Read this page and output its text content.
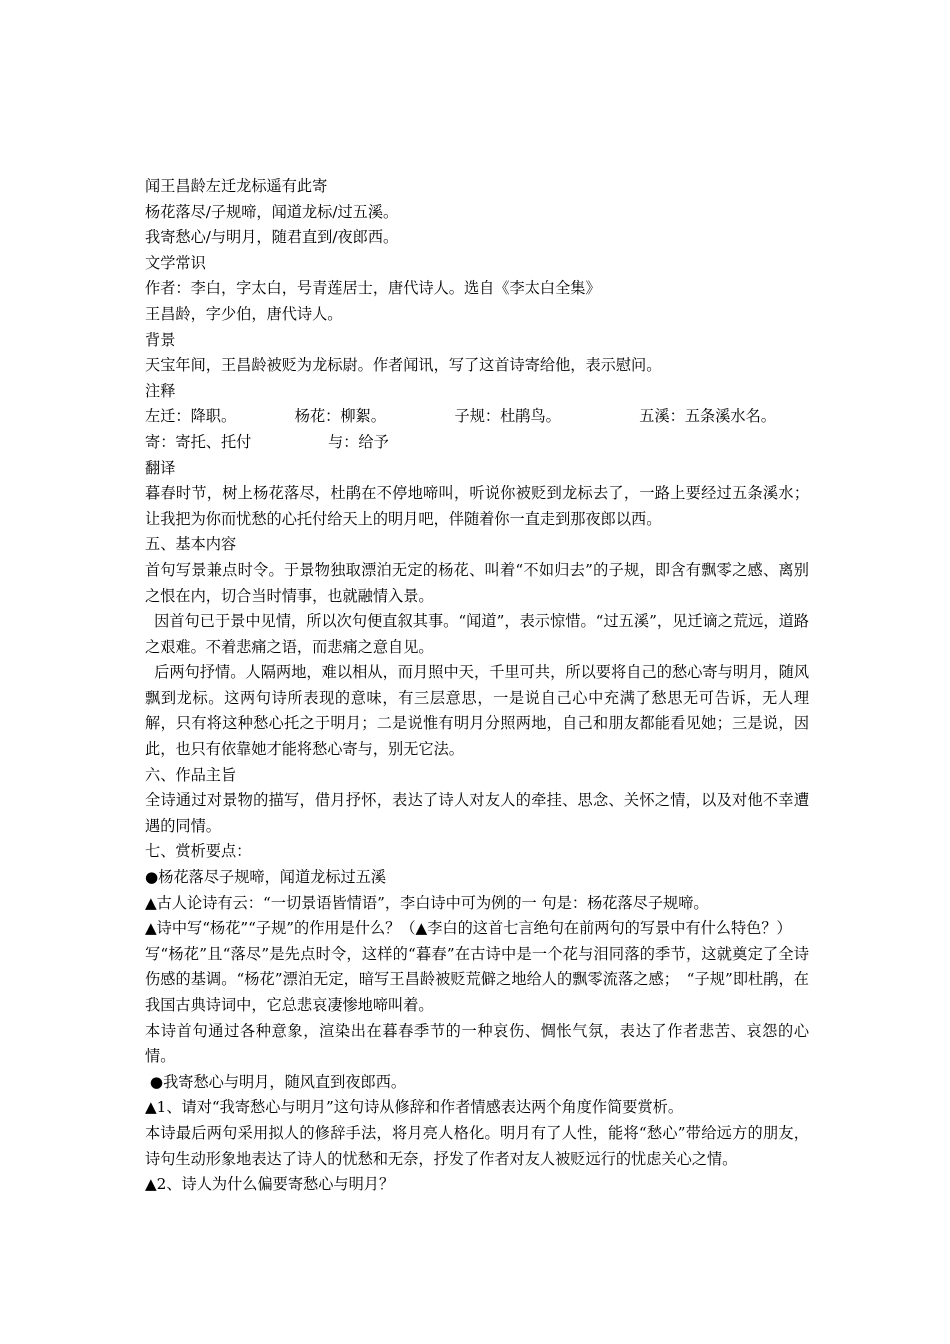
闻王昌龄左迁龙标遥有此寄
杨花落尽/子规啼，闻道龙标/过五溪。
我寄愁心/与明月，随君直到/夜郎西。
文学常识
作者：李白，字太白，号青莲居士，唐代诗人。选自《李太白全集》
王昌龄，字少伯，唐代诗人。
背景
天宝年间，王昌龄被贬为龙标尉。作者闻讯，写了这首诗寄给他，表示慰问。
注释
左迁：降职。	杨花：柳絮。	子规：杜鹃鸟。	五溪：五条溪水名。
寄：寄托、托付	与：给予
翻译
暮春时节，树上杨花落尽，杜鹃在不停地啼叫，听说你被贬到龙标去了，一路上要经过五条溪水；让我把为你而忧愁的心托付给天上的明月吧，伴随着你一直走到那夜郎以西。
五、基本内容
首句写景兼点时令。于景物独取漂泊无定的杨花、叫着“不如归去”的子规，即含有飘零之感、离别之恨在内，切合当时情事，也就融情入景。
因首句已于景中见情，所以次句便直叙其事。“闻道”，表示惊惜。“过五溪”，见迁谪之荒远，道路之艰难。不着悲痛之语，而悲痛之意自见。
后两句抒情。人隔两地，难以相从，而月照中天，千里可共，所以要将自己的愁心寄与明月，随风飘到龙标。这两句诗所表现的意味，有三层意思，一是说自己心中充满了愁思无可告诉，无人理解，只有将这种愁心托之于明月；二是说惟有明月分照两地，自己和朋友都能看见她；三是说，因此，也只有依靠她才能将愁心寄与，别无它法。
六、作品主旨
全诗通过对景物的描写，借月抒怀，表达了诗人对友人的牵挂、思念、关怀之情，以及对他不幸遭遇的同情。
七、赏析要点：
●杨花落尽子规啼，闻道龙标过五溪
▲古人论诗有云：“一切景语皆情语”，李白诗中可为例的一 句是：杨花落尽子规啼。
▲诗中写“杨花”“子规”的作用是什么？（▲李白的这首七言绝句在前两句的写景中有什么特色？）
写“杨花”且“落尽”是先点时令，这样的“暮春”在古诗中是一个花与泪同落的季节，这就奠定了全诗伤感的基调。“杨花”漂泊无定，暗写王昌龄被贬荒僻之地给人的飘零流落之感；　“子规”即杜鹃，在我国古典诗词中，它总悲哀凄惨地啼叫着。
本诗首句通过各种意象，渲染出在暮春季节的一种哀伤、惆怅气氛，表达了作者悲苦、哀怨的心情。
●我寄愁心与明月，随风直到夜郎西。
▲1、请对“我寄愁心与明月”这句诗从修辞和作者情感表达两个角度作简要赏析。
本诗最后两句采用拟人的修辞手法，将月亮人格化。明月有了人性，能将“愁心”带给远方的朋友，诗句生动形象地表达了诗人的忧愁和无奈，抒发了作者对友人被贬远行的忧虑关心之情。
▲2、诗人为什么偏要寄愁心与明月？
